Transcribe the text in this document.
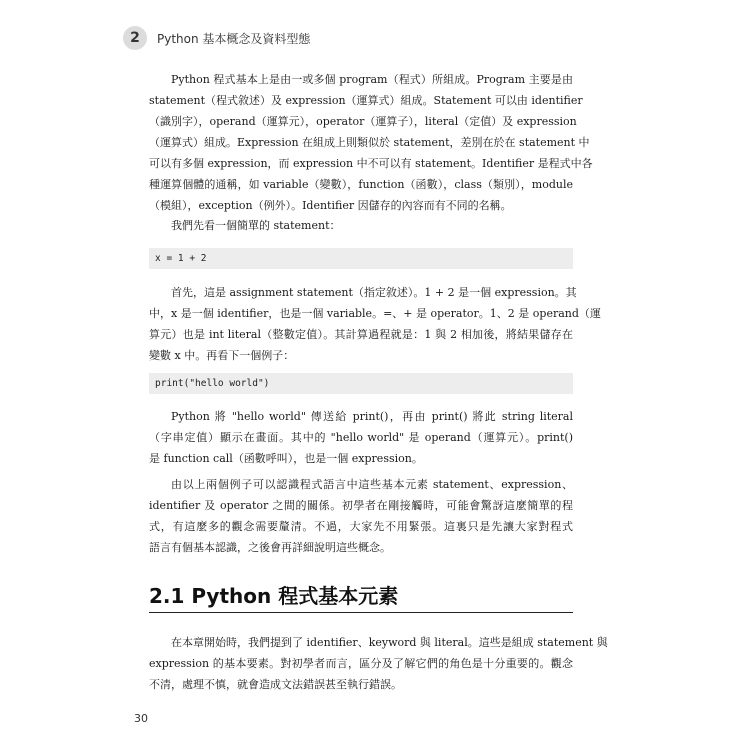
2	Python 基本概念及資料型態
Python 程式基本上是由一或多個 program（程式）所組成。Program 主要是由
statement（程式敘述）及 expression（運算式）組成。Statement 可以由 identifier
（識別字），operand（運算元），operator（運算子），literal（定值）及 expression
（運算式）組成。Expression 在組成上則類似於 statement，差別在於在 statement 中
可以有多個 expression，而 expression 中不可以有 statement。Identifier 是程式中各
種運算個體的通稱，如 variable（變數），function（函數），class（類別），module
（模組），exception（例外）。Identifier 因儲存的內容而有不同的名稱。
我們先看一個簡單的 statement：
x = 1 + 2
首先，這是 assignment statement（指定敘述）。1 + 2 是一個 expression。其
中，x 是一個 identifier，也是一個 variable。=、+ 是 operator。1、2 是 operand（運
算元）也是 int literal（整數定值）。其計算過程就是：1 與 2 相加後，將結果儲存在
變數 x 中。再看下一個例子：
print("hello world")
Python 將 "hello world" 傳送給 print()，再由 print() 將此 string literal
（字串定值）顯示在畫面。其中的 "hello world" 是 operand（運算元）。print()
是 function call（函數呼叫），也是一個 expression。
由以上兩個例子可以認識程式語言中這些基本元素 statement、expression、
identifier 及 operator 之間的關係。初學者在剛接觸時，可能會驚訝這麼簡單的程
式，有這麼多的觀念需要釐清。不過，大家先不用緊張。這裏只是先讓大家對程式
語言有個基本認識，之後會再詳細說明這些概念。
2.1 Python 程式基本元素
在本章開始時，我們提到了 identifier、keyword 與 literal。這些是組成 statement 與
expression 的基本要素。對初學者而言，區分及了解它們的角色是十分重要的。觀念
不清，處理不慎，就會造成文法錯誤甚至執行錯誤。
30
